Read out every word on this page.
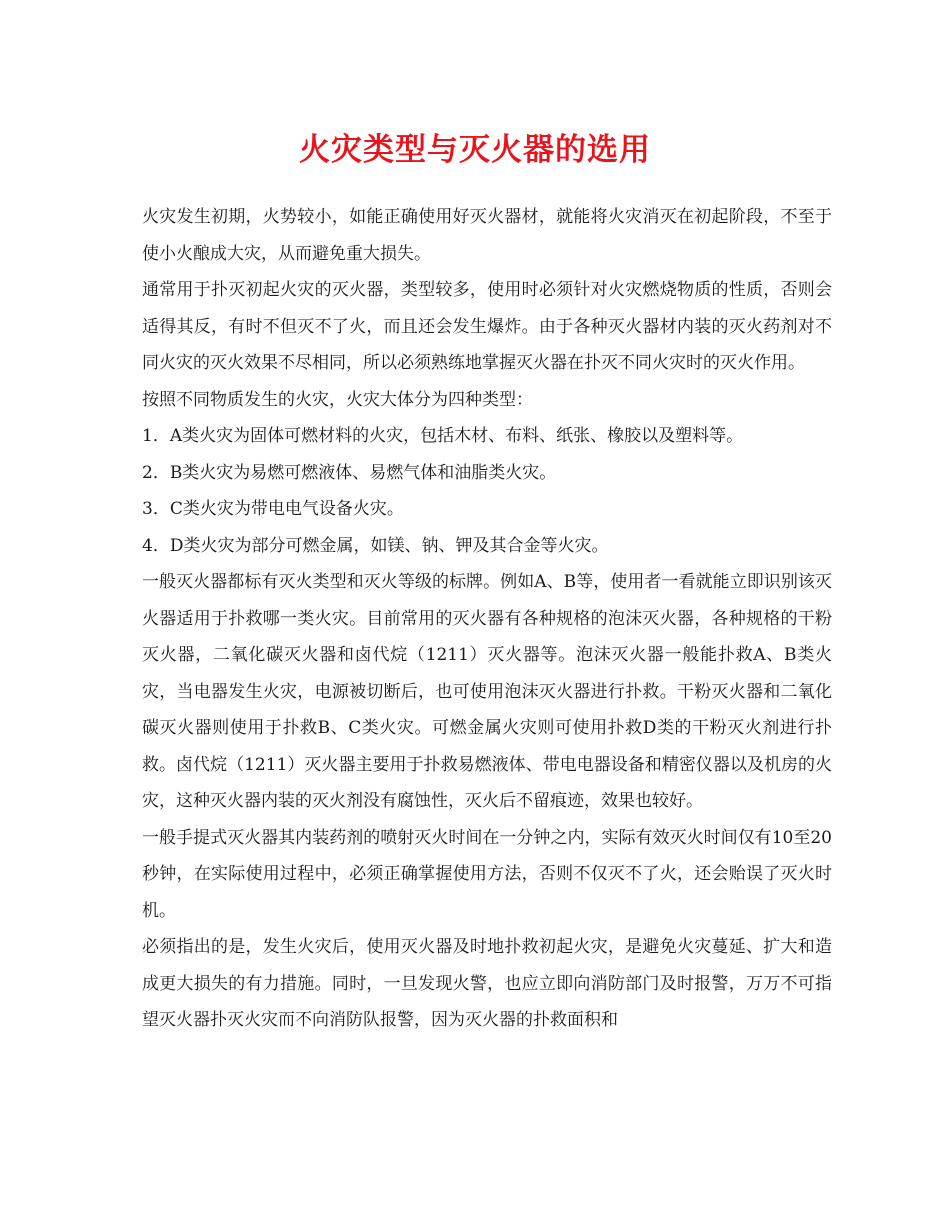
火灾类型与灭火器的选用

火灾发生初期，火势较小，如能正确使用好灭火器材，就能将火灾消灭在初起阶段，不至于使小火酿成大灾，从而避免重大损失。

通常用于扑灭初起火灾的灭火器，类型较多，使用时必须针对火灾燃烧物质的性质，否则会适得其反，有时不但灭不了火，而且还会发生爆炸。由于各种灭火器材内装的灭火药剂对不同火灾的灭火效果不尽相同，所以必须熟练地掌握灭火器在扑灭不同火灾时的灭火作用。

按照不同物质发生的火灾，火灾大体分为四种类型：

1．A类火灾为固体可燃材料的火灾，包括木材、布料、纸张、橡胶以及塑料等。

2．B类火灾为易燃可燃液体、易燃气体和油脂类火灾。

3．C类火灾为带电电气设备火灾。

4．D类火灾为部分可燃金属，如镁、钠、钾及其合金等火灾。

一般灭火器都标有灭火类型和灭火等级的标牌。例如A、B等，使用者一看就能立即识别该灭火器适用于扑救哪一类火灾。目前常用的灭火器有各种规格的泡沫灭火器，各种规格的干粉灭火器，二氧化碳灭火器和卤代烷（1211）灭火器等。泡沫灭火器一般能扑救A、B类火灾，当电器发生火灾，电源被切断后，也可使用泡沫灭火器进行扑救。干粉灭火器和二氧化碳灭火器则使用于扑救B、C类火灾。可燃金属火灾则可使用扑救D类的干粉灭火剂进行扑救。卤代烷（1211）灭火器主要用于扑救易燃液体、带电电器设备和精密仪器以及机房的火灾，这种灭火器内装的灭火剂没有腐蚀性，灭火后不留痕迹，效果也较好。

一般手提式灭火器其内装药剂的喷射灭火时间在一分钟之内，实际有效灭火时间仅有10至20秒钟，在实际使用过程中，必须正确掌握使用方法，否则不仅灭不了火，还会贻误了灭火时机。

必须指出的是，发生火灾后，使用灭火器及时地扑救初起火灾，是避免火灾蔓延、扩大和造成更大损失的有力措施。同时，一旦发现火警，也应立即向消防部门及时报警，万万不可指望灭火器扑灭火灾而不向消防队报警，因为灭火器的扑救面积和
